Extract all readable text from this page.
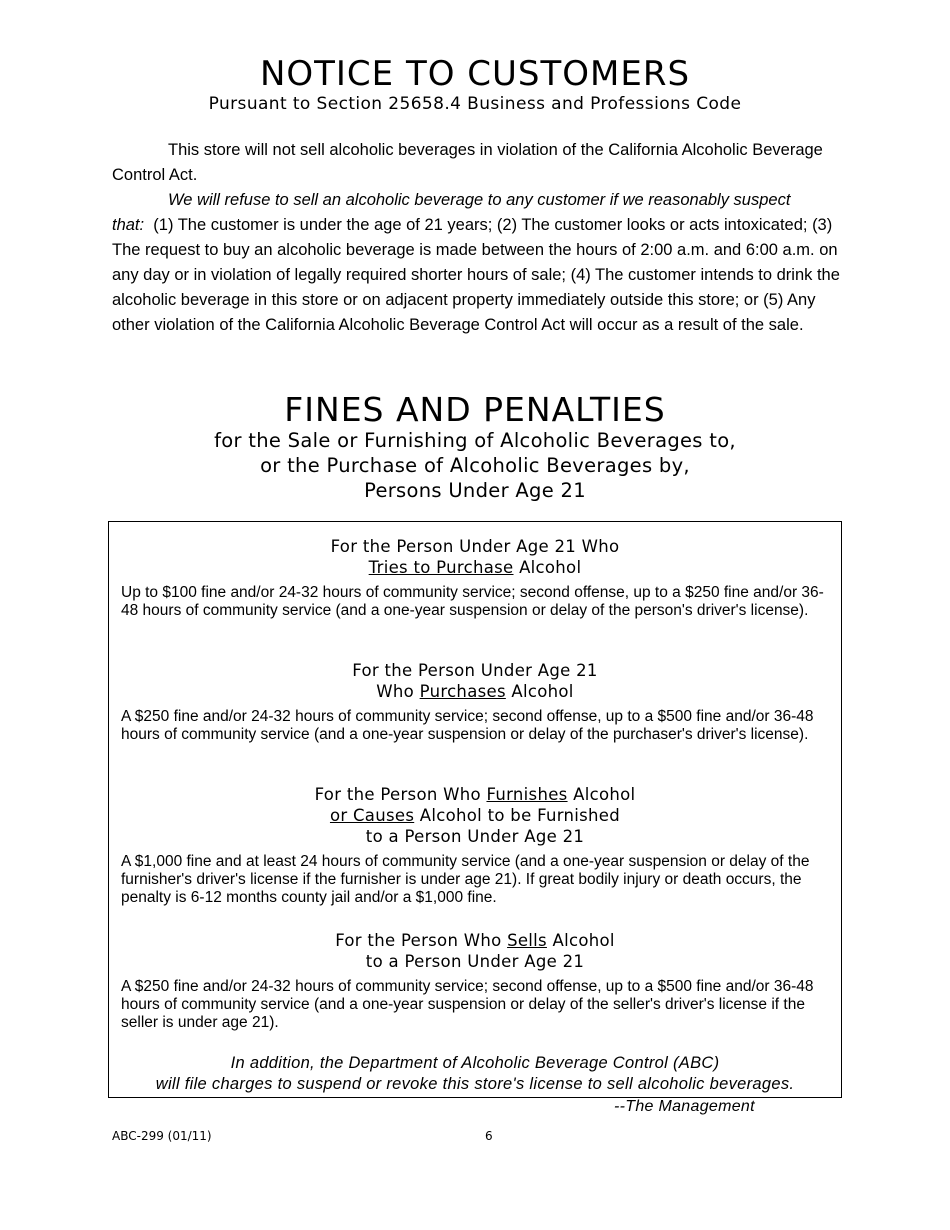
NOTICE TO CUSTOMERS
Pursuant to Section 25658.4 Business and Professions Code

This store will not sell alcoholic beverages in violation of the California Alcoholic Beverage Control Act.

We will refuse to sell an alcoholic beverage to any customer if we reasonably suspect that: (1) The customer is under the age of 21 years; (2) The customer looks or acts intoxicated; (3) The request to buy an alcoholic beverage is made between the hours of 2:00 a.m. and 6:00 a.m. on any day or in violation of legally required shorter hours of sale; (4) The customer intends to drink the alcoholic beverage in this store or on adjacent property immediately outside this store; or (5) Any other violation of the California Alcoholic Beverage Control Act will occur as a result of the sale.

FINES AND PENALTIES
for the Sale or Furnishing of Alcoholic Beverages to,
or the Purchase of Alcoholic Beverages by,
Persons Under Age 21
For the Person Under Age 21 Who
Tries to Purchase Alcohol
Up to $100 fine and/or 24-32 hours of community service; second offense, up to a $250 fine and/or 36-48 hours of community service (and a one-year suspension or delay of the person's driver's license).
For the Person Under Age 21
Who Purchases Alcohol
A $250 fine and/or 24-32 hours of community service; second offense, up to a $500 fine and/or 36-48 hours of community service (and a one-year suspension or delay of the purchaser's driver's license).
For the Person Who Furnishes Alcohol
or Causes Alcohol to be Furnished
to a Person Under Age 21
A $1,000 fine and at least 24 hours of community service (and a one-year suspension or delay of the furnisher's driver's license if the furnisher is under age 21). If great bodily injury or death occurs, the penalty is 6-12 months county jail and/or a $1,000 fine.
For the Person Who Sells Alcohol
to a Person Under Age 21
A $250 fine and/or 24-32 hours of community service; second offense, up to a $500 fine and/or 36-48 hours of community service (and a one-year suspension or delay of the seller's driver's license if the seller is under age 21).
In addition, the Department of Alcoholic Beverage Control (ABC)
will file charges to suspend or revoke this store's license to sell alcoholic beverages.
--The Management
ABC-299 (01/11)	6
